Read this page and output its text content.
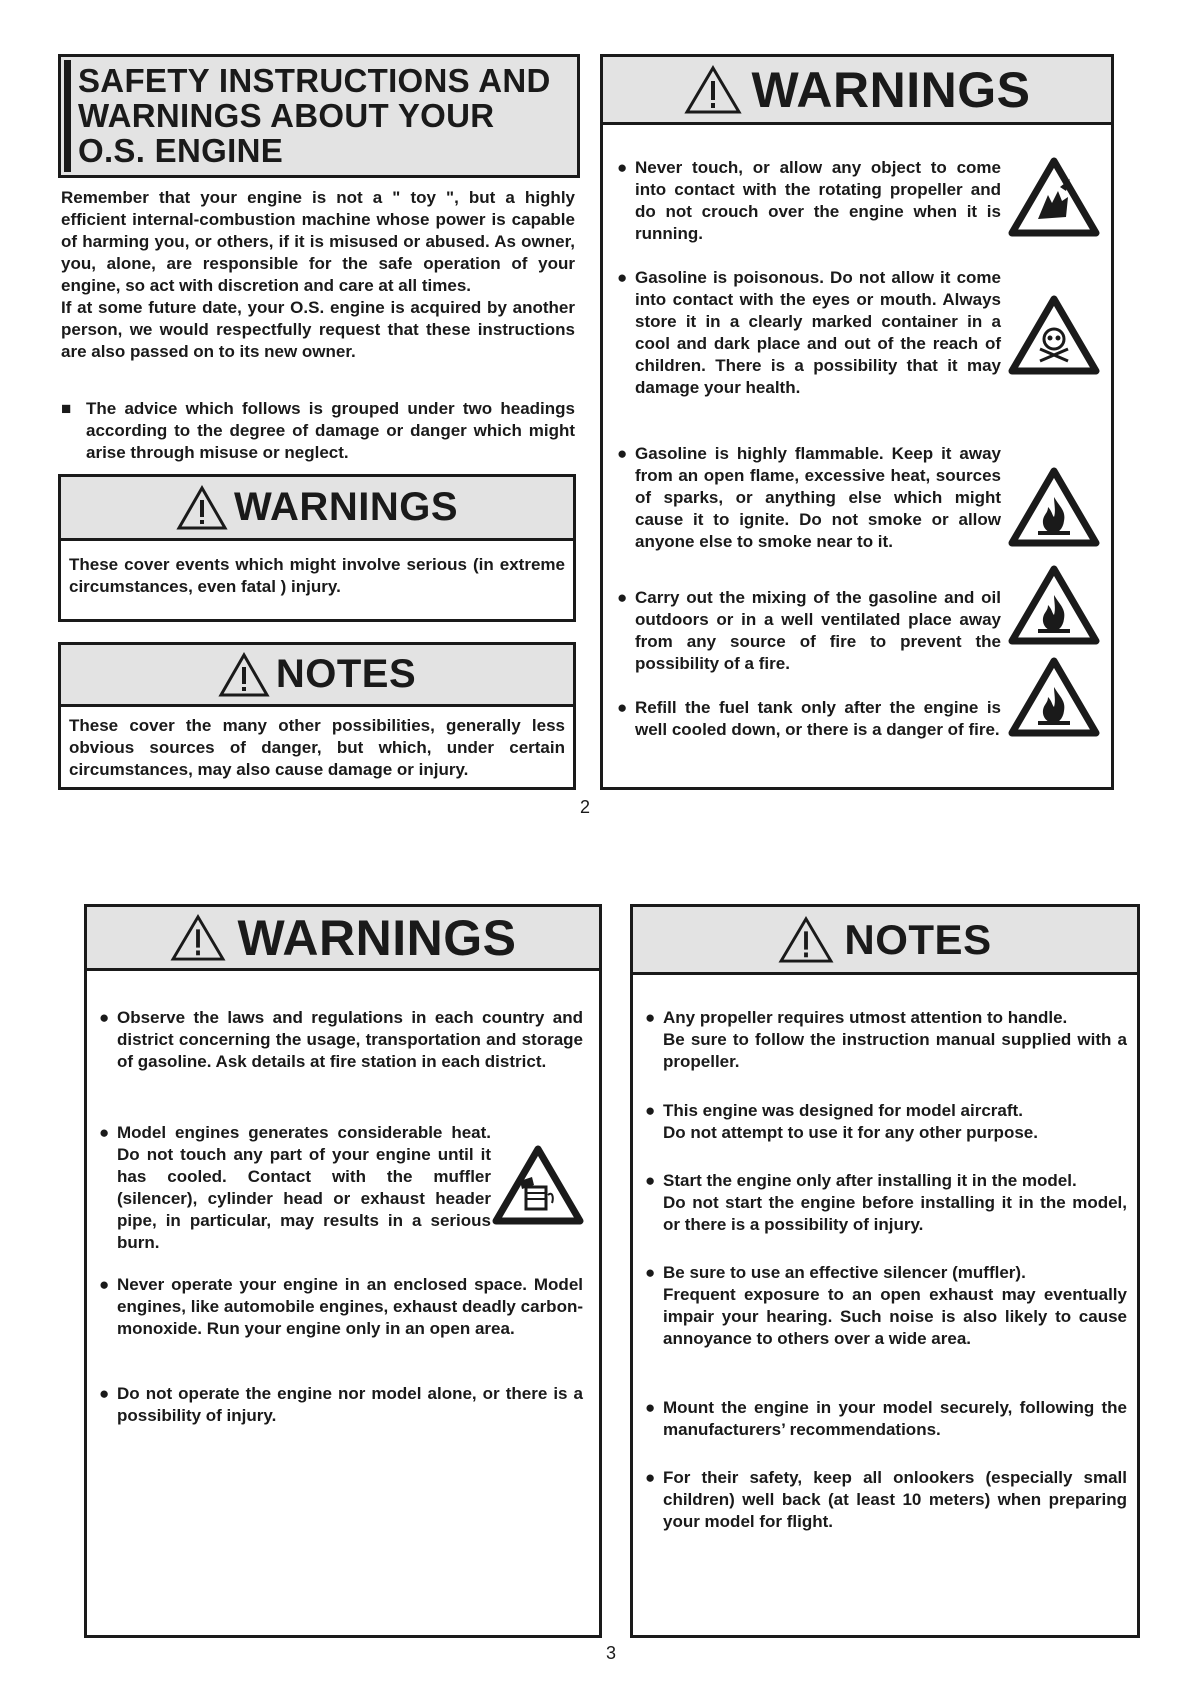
SAFETY INSTRUCTIONS AND
WARNINGS ABOUT YOUR
O.S. ENGINE

Remember that your engine is not a " toy ", but a highly efficient internal-combustion machine whose power is capable of harming you, or others, if it is misused or abused. As owner, you, alone, are responsible for the safe operation of your engine, so act with discretion and care at all times.

If at some future date, your O.S. engine is acquired by another person, we would respectfully request that these instructions are also passed on to its new owner.

■ The advice which follows is grouped under two headings according to the degree of damage or danger which might arise through misuse or neglect.

WARNINGS

These cover events which might involve serious (in extreme circumstances, even fatal ) injury.

NOTES

These cover the many other possibilities, generally less obvious sources of danger, but which, under certain circumstances, may also cause damage or injury.

WARNINGS
● Never touch, or allow any object to come into contact with the rotating propeller and do not crouch over the engine when it is running.
● Gasoline is poisonous. Do not allow it come into contact with the eyes or mouth. Always store it in a clearly marked container in a cool and dark place and out of the reach of children. There is a possibility that it may damage your health.
● Gasoline is highly flammable. Keep it away from an open flame, excessive heat, sources of sparks, or anything else which might cause it to ignite. Do not smoke or allow anyone else to smoke near to it.
● Carry out the mixing of the gasoline and oil outdoors or in a well ventilated place away from any source of fire to prevent the possibility of a fire.
● Refill the fuel tank only after the engine is well cooled down, or there is a danger of fire.
2
WARNINGS
● Observe the laws and regulations in each country and district concerning the usage, transportation and storage of gasoline. Ask details at fire station in each district.
● Model engines generates considerable heat. Do not touch any part of your engine until it has cooled. Contact with the muffler (silencer), cylinder head or exhaust header pipe, in particular, may results in a serious burn.
● Never operate your engine in an enclosed space. Model engines, like automobile engines, exhaust deadly carbon-monoxide. Run your engine only in an open area.
● Do not operate the engine nor model alone, or there is a possibility of injury.
NOTES
● Any propeller requires utmost attention to handle.
Be sure to follow the instruction manual supplied with a propeller.
● This engine was designed for model aircraft.
Do not attempt to use it for any other purpose.
● Start the engine only after installing it in the model.
Do not start the engine before installing it in the model, or there is a possibility of injury.
● Be sure to use an effective silencer (muffler).
Frequent exposure to an open exhaust may eventually impair your hearing. Such noise is also likely to cause annoyance to others over a wide area.
● Mount the engine in your model securely, following the manufacturers’ recommendations.
● For their safety, keep all onlookers (especially small children) well back (at least 10 meters) when preparing your model for flight.
3
